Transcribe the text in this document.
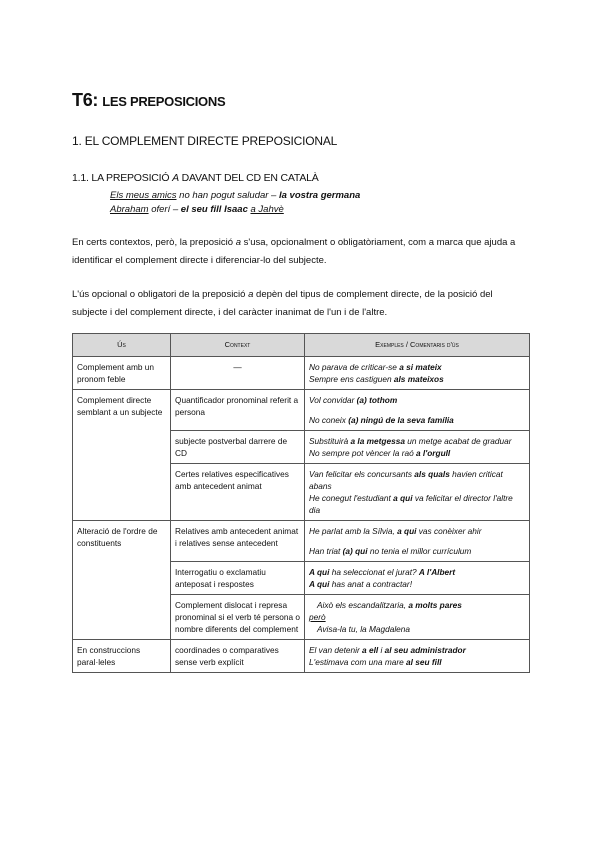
T6: LES PREPOSICIONS
1. EL COMPLEMENT DIRECTE PREPOSICIONAL
1.1. LA PREPOSICIÓ A DAVANT DEL CD EN CATALÀ
Els meus amics no han pogut saludar – la vostra germana
Abraham oferí – el seu fill Isaac a Jahvè

En certs contextos, però, la preposició a s'usa, opcionalment o obligatòriament, com a marca que ajuda a identificar el complement directe i diferenciar-lo del subjecte.

L'ús opcional o obligatori de la preposició a depèn del tipus de complement directe, de la posició del subjecte i del complement directe, i del caràcter inanimat de l'un i de l'altre.

Ús	Context	Exemples / Comentaris d'ús
Complement amb un pronom feble	—	No parava de criticar-se a si mateix
Sempre ens castiguen als mateixos

Complement directe semblant a un subjecte	Quantificador pronominal referit a persona	Vol convidar (a) tothom
No coneix (a) ningú de la seva família

	subjecte postverbal darrere de CD	Substituirà a la metgessa un metge acabat de graduar
No sempre pot vèncer la raó a l'orgull

	Certes relatives especificatives amb antecedent animat	Van felicitar els concursants als quals havien criticat abans
He conegut l'estudiant a qui va felicitar el director l'altre dia

Alteració de l'ordre de constituents	Relatives amb antecedent animat i relatives sense antecedent	He parlat amb la Sílvia, a qui vas conèixer ahir
Han triat (a) qui no tenia el millor currículum

	Interrogatiu o exclamatiu anteposat i respostes	A qui ha seleccionat el jurat? A l'Albert
A qui has anat a contractar!

	Complement dislocat i represa pronominal si el verb té persona o nombre diferents del complement	Això els escandalitzaria, a molts pares
però
Avisa-la tu, la Magdalena

En construccions paral·leles	coordinades o comparatives sense verb explícit	El van detenir a ell i al seu administrador
L'estimava com una mare al seu fill
